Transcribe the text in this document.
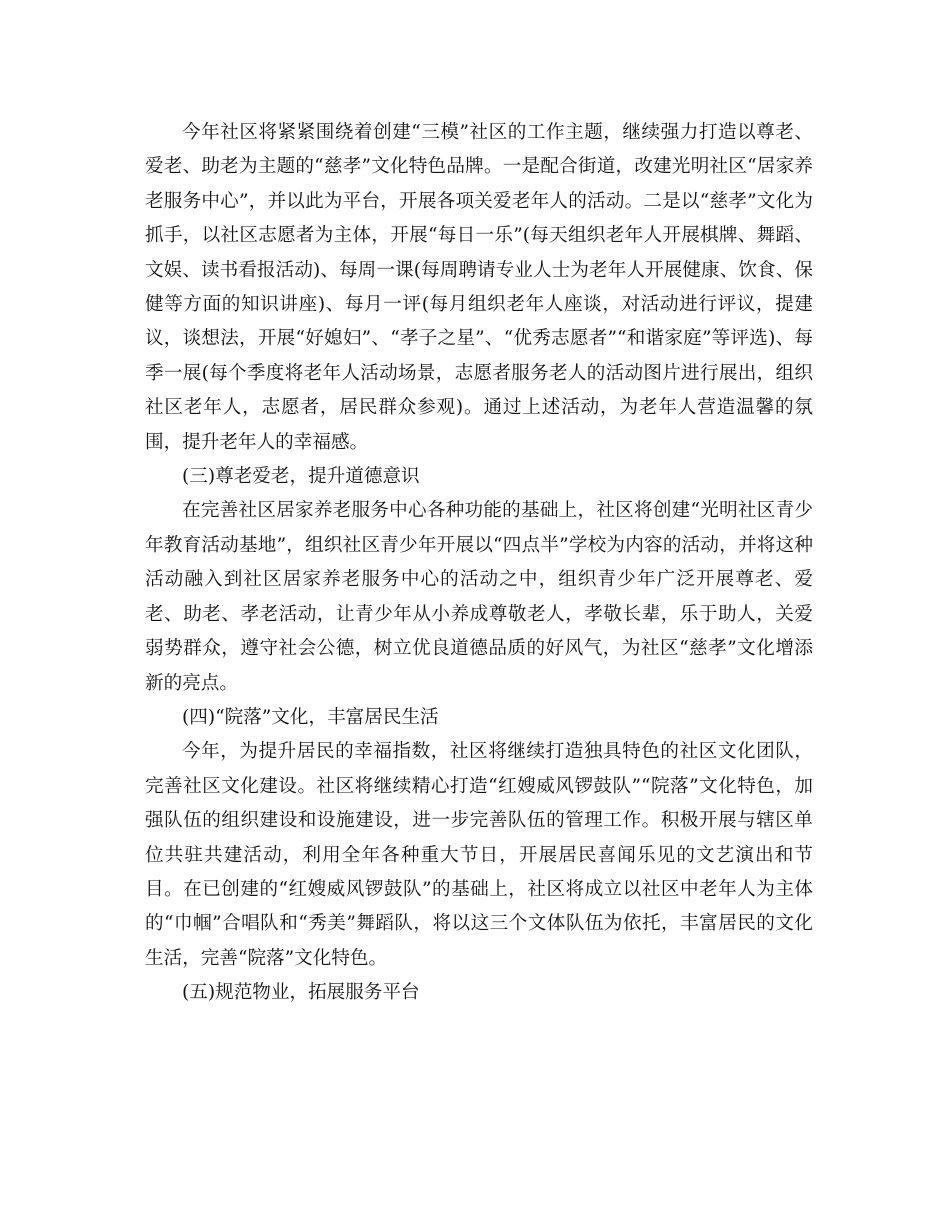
今年社区将紧紧围绕着创建“三模”社区的工作主题，继续强力打造以尊老、爱老、助老为主题的“慈孝”文化特色品牌。一是配合街道，改建光明社区“居家养老服务中心”，并以此为平台，开展各项关爱老年人的活动。二是以“慈孝”文化为抓手，以社区志愿者为主体，开展“每日一乐”(每天组织老年人开展棋牌、舞蹈、文娱、读书看报活动)、每周一课(每周聘请专业人士为老年人开展健康、饮食、保健等方面的知识讲座)、每月一评(每月组织老年人座谈，对活动进行评议，提建议，谈想法，开展“好媳妇”、“孝子之星”、“优秀志愿者”“和谐家庭”等评选)、每季一展(每个季度将老年人活动场景，志愿者服务老人的活动图片进行展出，组织社区老年人，志愿者，居民群众参观)。通过上述活动，为老年人营造温馨的氛围，提升老年人的幸福感。

(三)尊老爱老，提升道德意识

在完善社区居家养老服务中心各种功能的基础上，社区将创建“光明社区青少年教育活动基地”，组织社区青少年开展以“四点半”学校为内容的活动，并将这种活动融入到社区居家养老服务中心的活动之中，组织青少年广泛开展尊老、爱老、助老、孝老活动，让青少年从小养成尊敬老人，孝敬长辈，乐于助人，关爱弱势群众，遵守社会公德，树立优良道德品质的好风气，为社区“慈孝”文化增添新的亮点。

(四)“院落”文化，丰富居民生活

今年，为提升居民的幸福指数，社区将继续打造独具特色的社区文化团队，完善社区文化建设。社区将继续精心打造“红嫂威风锣鼓队”“院落”文化特色，加强队伍的组织建设和设施建设，进一步完善队伍的管理工作。积极开展与辖区单位共驻共建活动，利用全年各种重大节日，开展居民喜闻乐见的文艺演出和节目。在已创建的“红嫂威风锣鼓队”的基础上，社区将成立以社区中老年人为主体的“巾帼”合唱队和“秀美”舞蹈队，将以这三个文体队伍为依托，丰富居民的文化生活，完善“院落”文化特色。

(五)规范物业，拓展服务平台
